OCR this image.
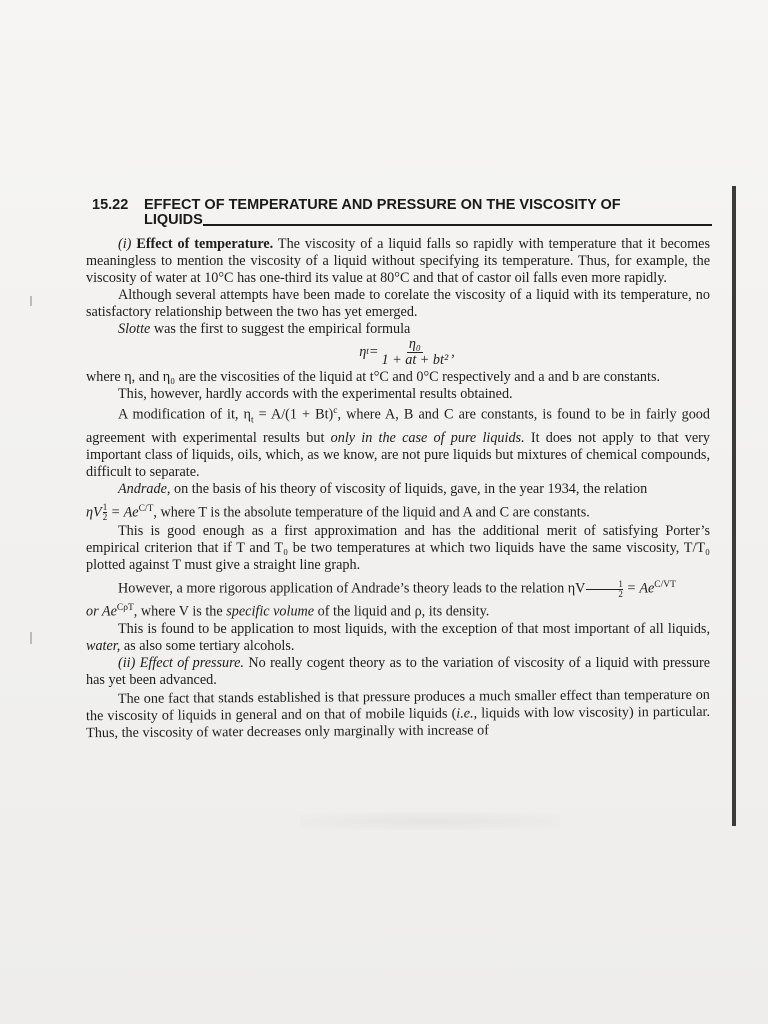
15.22 EFFECT OF TEMPERATURE AND PRESSURE ON THE VISCOSITY OF
LIQUIDS

(i) Effect of temperature. The viscosity of a liquid falls so rapidly with temperature that it becomes meaningless to mention the viscosity of a liquid without specifying its temperature. Thus, for example, the viscosity of water at 10°C has one-third its value at 80°C and that of castor oil falls even more rapidly.

Although several attempts have been made to corelate the viscosity of a liquid with its temperature, no satisfactory relationship between the two has yet emerged.

Slotte was the first to suggest the empirical formula

η $t = \frac{\text{η₀}}{\text{1 + at + bt²}}$ ,

where η, and η₀ are the viscosities of the liquid at t°C and 0°C respectively and a and b are constants.

This, however, hardly accords with the experimental results obtained.

A modification of it, $\eta_t = A/(1 + Bt)^c$, where A, B and C are constants, is found to be in fairly good agreement with experimental results but only in the case of pure liquids. It does not apply to that very important class of liquids, oils, which, as we know, are not pure liquids but mixtures of chemical compounds, difficult to separate.

Andrade, on the basis of his theory of viscosity of liquids, gave, in the year 1934, the relation

ηV $\frac{1}{2} = Ae^{C/T}$, where T is the absolute temperature of the liquid and A and C are constants.

This is good enough as a first approximation and has the additional merit of satisfying Porter’s empirical criterion that if T and T₀ be two temperatures at which two liquids have the same viscosity, T/T₀ plotted against T must give a straight line graph.

However, a more rigorous application of Andrade’s theory leads to the relation ηV $\frac{1}{2} = Ae^{C/VT}$

or $Ae^{C\rho T}$, where V is the specific volume of the liquid and ρ, its density.

This is found to be application to most liquids, with the exception of that most important of all liquids, water, as also some tertiary alcohols.

(ii) Effect of pressure. No really cogent theory as to the variation of viscosity of a liquid with pressure has yet been advanced.

The one fact that stands established is that pressure produces a much smaller effect than temperature on the viscosity of liquids in general and on that of mobile liquids (i.e., liquids with low viscosity) in particular. Thus, the viscosity of water decreases only marginally with increase of
